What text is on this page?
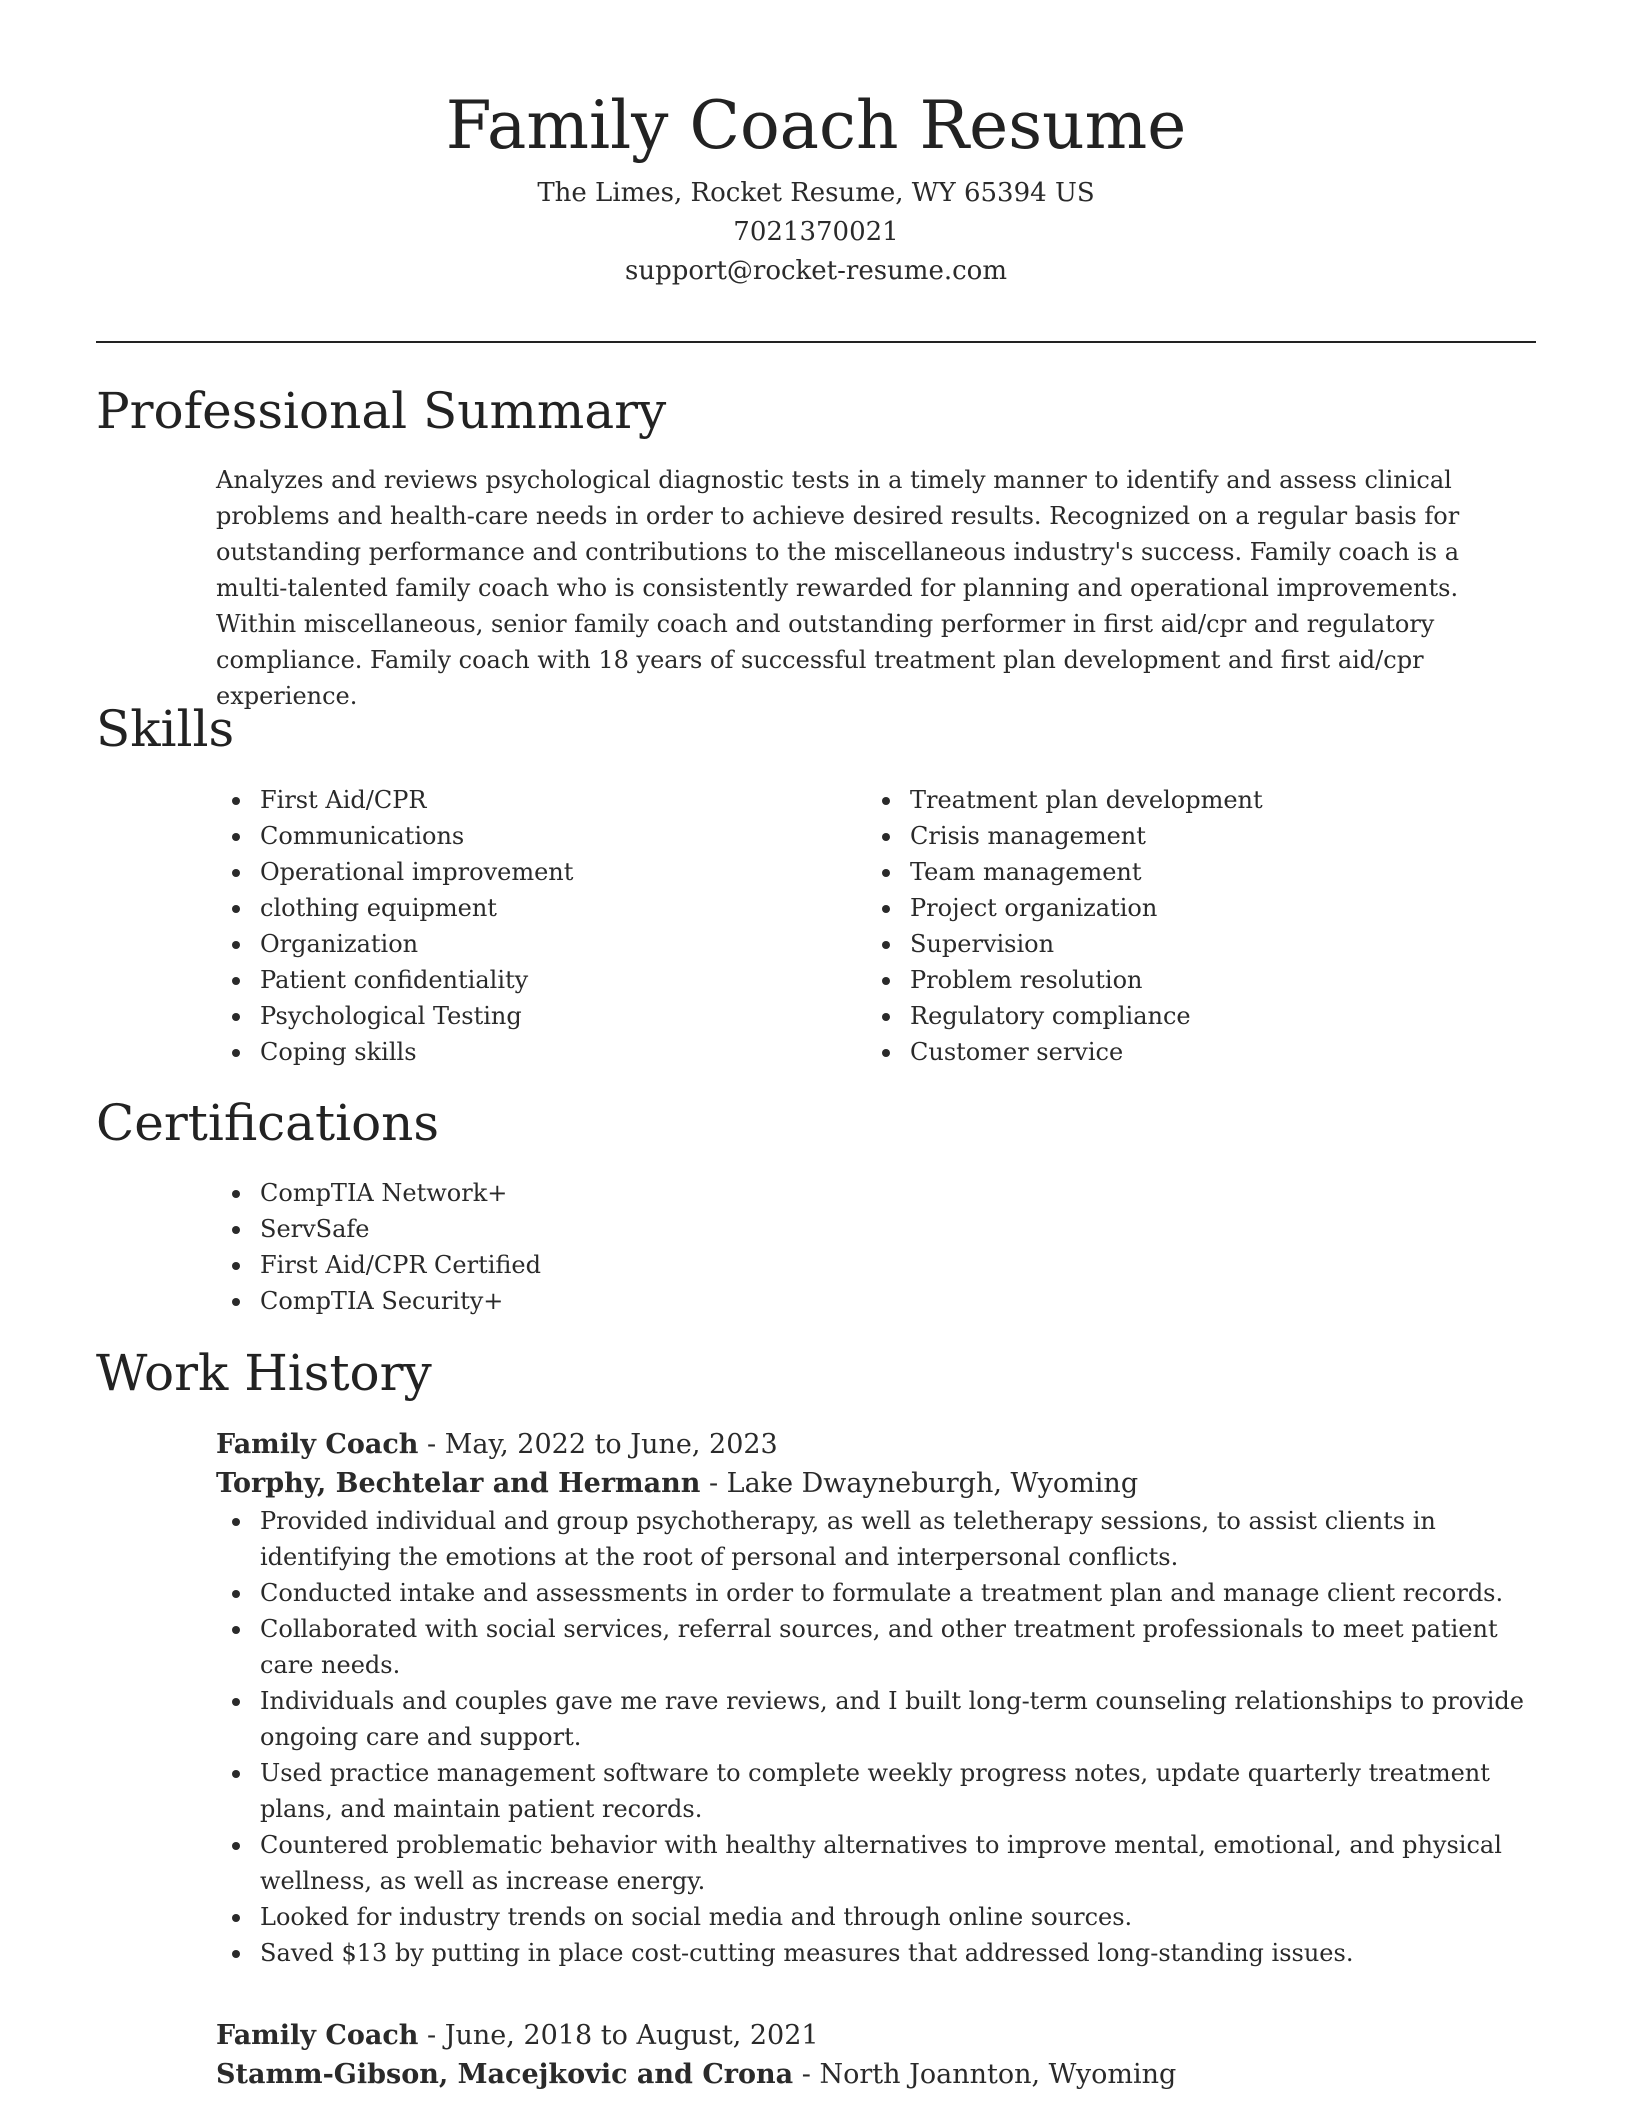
Family Coach Resume
The Limes, Rocket Resume, WY 65394 US
7021370021
support@rocket-resume.com
Professional Summary

Analyzes and reviews psychological diagnostic tests in a timely manner to identify and assess clinical problems and health-care needs in order to achieve desired results. Recognized on a regular basis for outstanding performance and contributions to the miscellaneous industry's success. Family coach is a multi-talented family coach who is consistently rewarded for planning and operational improvements. Within miscellaneous, senior family coach and outstanding performer in first aid/cpr and regulatory compliance. Family coach with 18 years of successful treatment plan development and first aid/cpr experience.

Skills
First Aid/CPR
Communications
Operational improvement
clothing equipment
Organization
Patient confidentiality
Psychological Testing
Coping skills
Treatment plan development
Crisis management
Team management
Project organization
Supervision
Problem resolution
Regulatory compliance
Customer service
Certifications
CompTIA Network+
ServSafe
First Aid/CPR Certified
CompTIA Security+
Work History
Family Coach - May, 2022 to June, 2023
Torphy, Bechtelar and Hermann - Lake Dwayneburgh, Wyoming
Provided individual and group psychotherapy, as well as teletherapy sessions, to assist clients in identifying the emotions at the root of personal and interpersonal conflicts.
Conducted intake and assessments in order to formulate a treatment plan and manage client records.
Collaborated with social services, referral sources, and other treatment professionals to meet patient care needs.
Individuals and couples gave me rave reviews, and I built long-term counseling relationships to provide ongoing care and support.
Used practice management software to complete weekly progress notes, update quarterly treatment plans, and maintain patient records.
Countered problematic behavior with healthy alternatives to improve mental, emotional, and physical wellness, as well as increase energy.
Looked for industry trends on social media and through online sources.
Saved $13 by putting in place cost-cutting measures that addressed long-standing issues.
Family Coach - June, 2018 to August, 2021
Stamm-Gibson, Macejkovic and Crona - North Joannton, Wyoming
